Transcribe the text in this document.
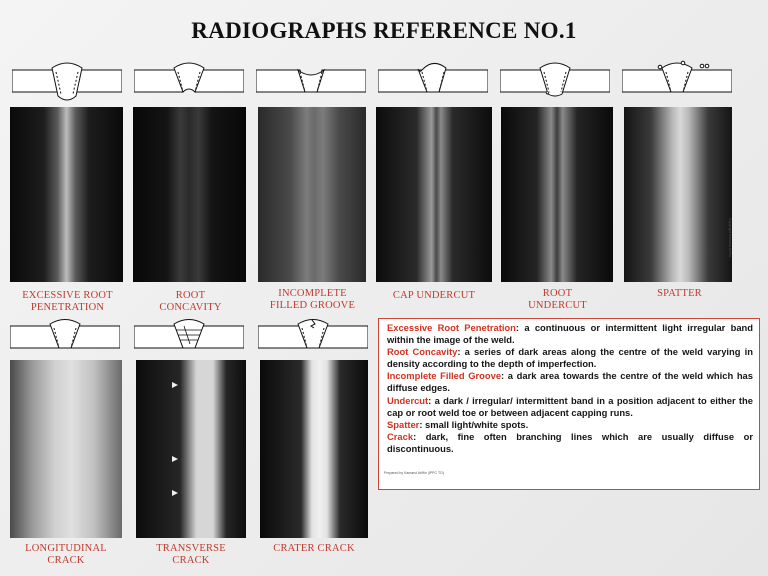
RADIOGRAPHS REFERENCE NO.1
Copyright Kamarul Ariffin
EXCESSIVE ROOT
PENETRATION
ROOT
CONCAVITY
INCOMPLETE
FILLED GROOVE
CAP UNDERCUT	ROOT
UNDERCUT
SPATTER
LONGITUDINAL
CRACK
TRANSVERSE
CRACK
CRATER CRACK

Excessive Root Penetration: a continuous or intermittent light irregular band within the image of the weld.

Root Concavity: a series of dark areas along the centre of the weld varying in density according to the depth of imperfection.

Incomplete Filled Groove: a dark area towards the centre of the weld which has diffuse edges.

Undercut: a dark / irregular/ intermittent band in a position adjacent to either the cap or root weld toe or between adjacent capping runs.

Spatter: small light/white spots.

Crack: dark, fine often branching lines which are usually diffuse or discontinuous.

Prepared by Kamarul Ariffin (IPPC TO)
